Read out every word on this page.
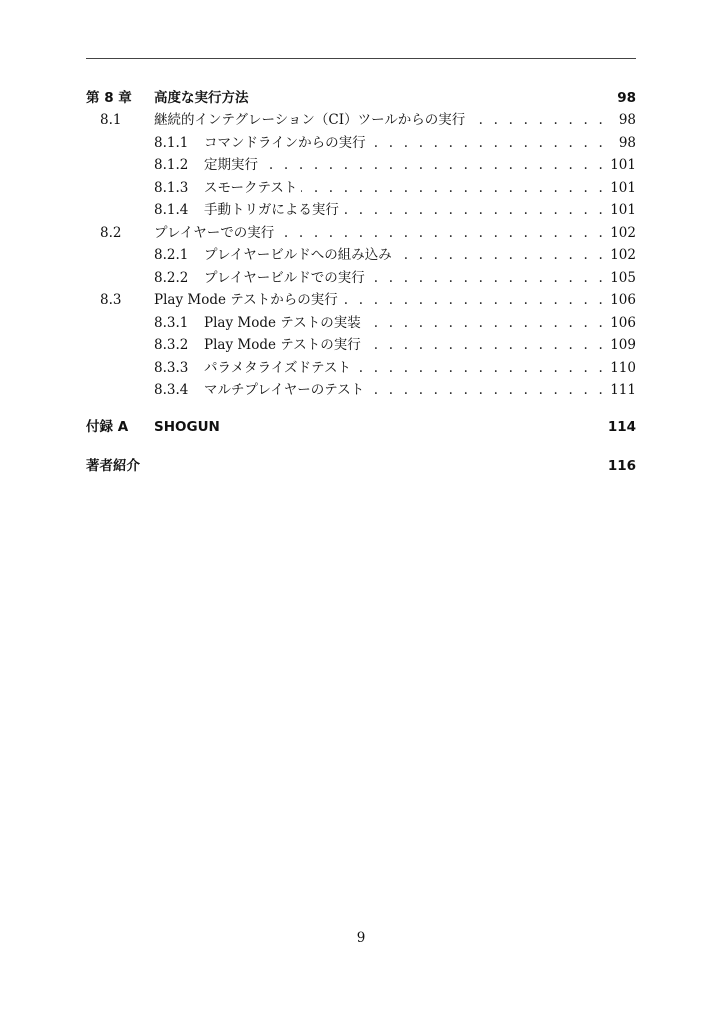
第 8 章 高度な実行方法	98
8.1 継続的インテグレーション（CI）ツールからの実行 . . .	98
8.1.1 コマンドラインからの実行 . . .	98
8.1.2 定期実行 . . .	101
8.1.3 スモークテスト . . .	101
8.1.4 手動トリガによる実行 . . .	101
8.2 プレイヤーでの実行 . . .	102
8.2.1 プレイヤービルドへの組み込み . . .	102
8.2.2 プレイヤービルドでの実行 . . .	105
8.3 Play Mode テストからの実行 . . .	106
8.3.1 Play Mode テストの実装 . . .	106
8.3.2 Play Mode テストの実行 . . .	109
8.3.3 パラメタライズドテスト . . .	110
8.3.4 マルチプレイヤーのテスト . . .	111
付録 A SHOGUN	114
著者紹介	116
9
